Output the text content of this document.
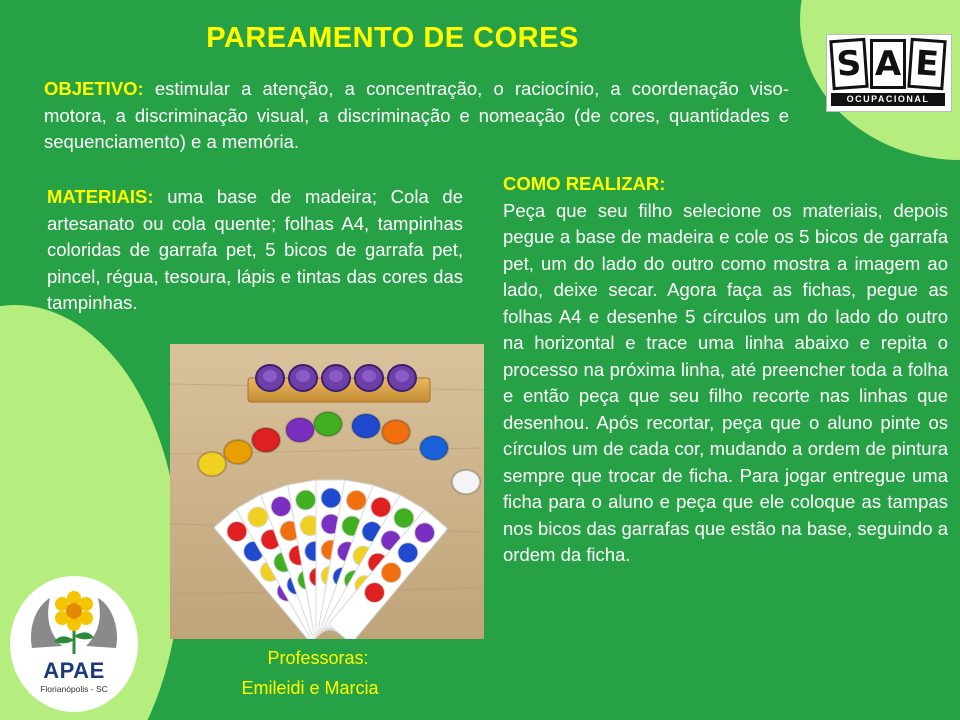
PAREAMENTO DE CORES
OBJETIVO: estimular a atenção, a concentração, o raciocínio, a coordenação viso-motora, a discriminação visual, a discriminação e nomeação (de cores, quantidades e sequenciamento) e a memória.
MATERIAIS: uma base de madeira; Cola de artesanato ou cola quente; folhas A4, tampinhas coloridas de garrafa pet, 5 bicos de garrafa pet, pincel, régua, tesoura, lápis e tintas das cores das tampinhas.
COMO REALIZAR:
Peça que seu filho selecione os materiais, depois pegue a base de madeira e cole os 5 bicos de garrafa pet, um do lado do outro como mostra a imagem ao lado, deixe secar. Agora faça as fichas, pegue as folhas A4 e desenhe 5 círculos um do lado do outro na horizontal e trace uma linha abaixo e repita o processo na próxima linha, até preencher toda a folha e então peça que seu filho recorte nas linhas que desenhou. Após recortar, peça que o aluno pinte os círculos um de cada cor, mudando a ordem de pintura sempre que trocar de ficha. Para jogar entregue uma ficha para o aluno e peça que ele coloque as tampas nos bicos das garrafas que estão na base, seguindo a ordem da ficha.
S A E
OCUPACIONAL
APAE
Florianópolis - SC
Professoras:
Emileidi e Marcia
